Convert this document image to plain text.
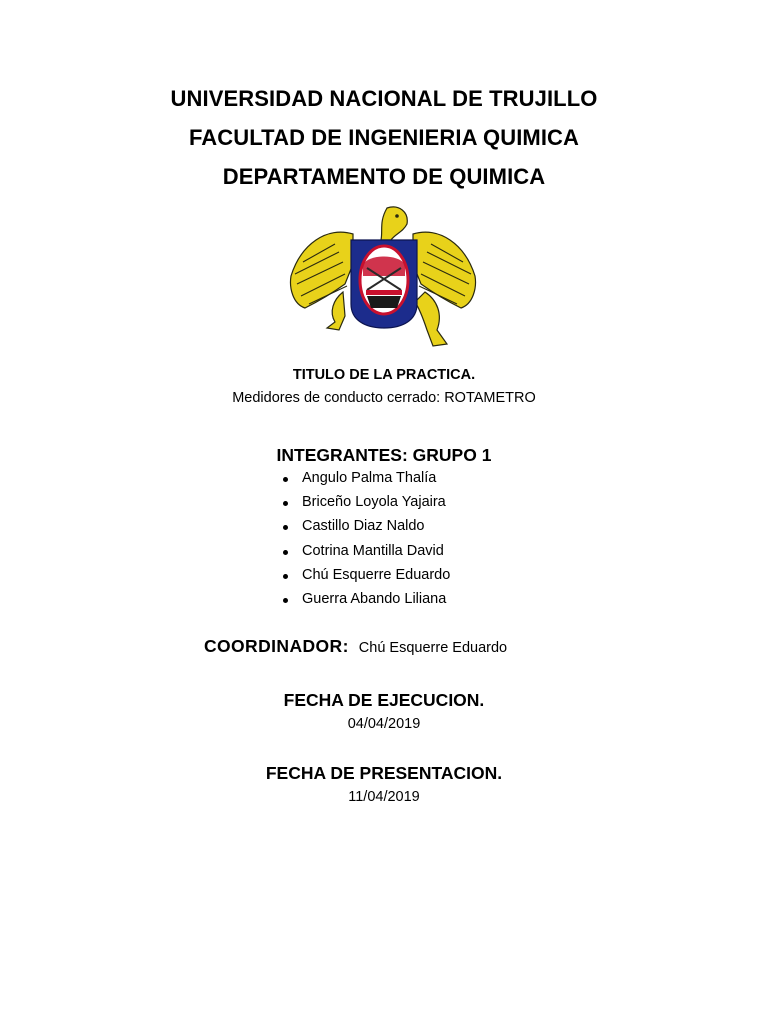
UNIVERSIDAD NACIONAL DE TRUJILLO
FACULTAD DE INGENIERIA QUIMICA
DEPARTAMENTO DE QUIMICA
TITULO DE LA PRACTICA.
Medidores de conducto cerrado: ROTAMETRO
INTEGRANTES: GRUPO 1
Angulo Palma Thalía
Briceño Loyola Yajaira
Castillo Diaz Naldo
Cotrina Mantilla David
Chú Esquerre Eduardo
Guerra Abando Liliana
COORDINADOR: Chú Esquerre Eduardo
FECHA DE EJECUCION.
04/04/2019
FECHA DE PRESENTACION.
11/04/2019
